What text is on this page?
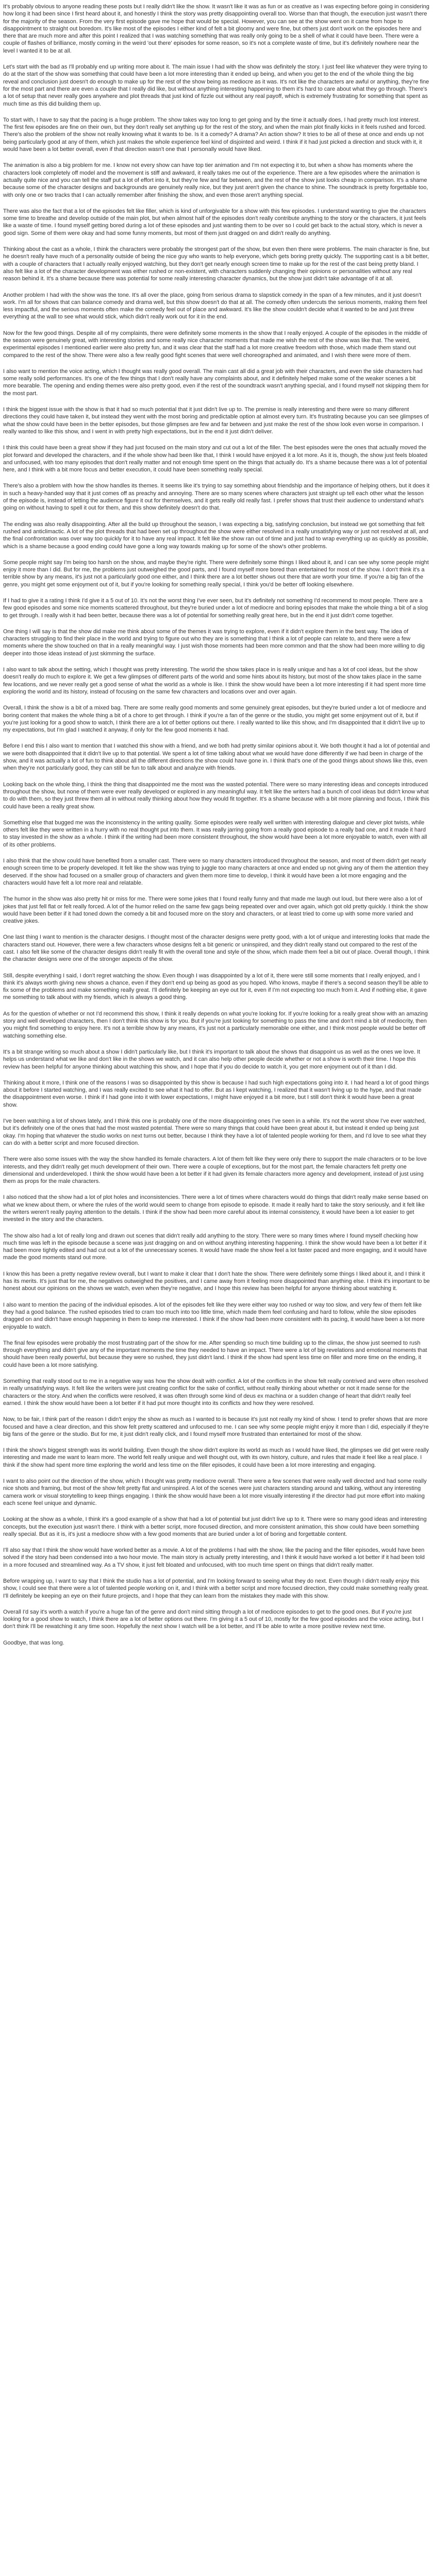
It's probably obvious to anyone reading these posts but I really didn't like the show. It wasn't like it was as fun or as creative as I was expecting before going in considering how long it had been since I first heard about it, and honestly I think the story was pretty disappointing overall too. Worse than that though, the execution just wasn't there for the majority of the season. From the very first episode gave me hope that would be special. However, you can see at the show went on it came from hope to disappointment to straight out boredom. It's like most of the episodes I either kind of felt a bit gloomy and were fine, but others just don't work on the episodes here and there that are much more and after this point I realized that I was watching something that was really only going to be a shell of what it could have been. There were a couple of flashes of brilliance, mostly coming in the weird 'out there' episodes for some reason, so it's not a complete waste of time, but it's definitely nowhere near the level I wanted it to be at all.

Let's start with the bad as I'll probably end up writing more about it. The main issue I had with the show was definitely the story. I just feel like whatever they were trying to do at the start of the show was something that could have been a lot more interesting than it ended up being, and when you get to the end of the whole thing the big reveal and conclusion just doesn't do enough to make up for the rest of the show being as mediocre as it was. It's not like the characters are awful or anything, they're fine for the most part and there are even a couple that I really did like, but without anything interesting happening to them it's hard to care about what they go through. There's a lot of setup that never really goes anywhere and plot threads that just kind of fizzle out without any real payoff, which is extremely frustrating for something that spent as much time as this did building them up.

To start with, I have to say that the pacing is a huge problem. The show takes way too long to get going and by the time it actually does, I had pretty much lost interest. The first few episodes are fine on their own, but they don't really set anything up for the rest of the story, and when the main plot finally kicks in it feels rushed and forced. There's also the problem of the show not really knowing what it wants to be. Is it a comedy? A drama? An action show? It tries to be all of these at once and ends up not being particularly good at any of them, which just makes the whole experience feel kind of disjointed and weird. I think if it had just picked a direction and stuck with it, it would have been a lot better overall, even if that direction wasn't one that I personally would have liked.

The animation is also a big problem for me. I know not every show can have top tier animation and I'm not expecting it to, but when a show has moments where the characters look completely off model and the movement is stiff and awkward, it really takes me out of the experience. There are a few episodes where the animation is actually quite nice and you can tell the staff put a lot of effort into it, but they're few and far between, and the rest of the show just looks cheap in comparison. It's a shame because some of the character designs and backgrounds are genuinely really nice, but they just aren't given the chance to shine. The soundtrack is pretty forgettable too, with only one or two tracks that I can actually remember after finishing the show, and even those aren't anything special.

There was also the fact that a lot of the episodes felt like filler, which is kind of unforgivable for a show with this few episodes. I understand wanting to give the characters some time to breathe and develop outside of the main plot, but when almost half of the episodes don't really contribute anything to the story or the characters, it just feels like a waste of time. I found myself getting bored during a lot of these episodes and just wanting them to be over so I could get back to the actual story, which is never a good sign. Some of them were okay and had some funny moments, but most of them just dragged on and didn't really do anything.

Thinking about the cast as a whole, I think the characters were probably the strongest part of the show, but even then there were problems. The main character is fine, but he doesn't really have much of a personality outside of being the nice guy who wants to help everyone, which gets boring pretty quickly. The supporting cast is a bit better, with a couple of characters that I actually really enjoyed watching, but they don't get nearly enough screen time to make up for the rest of the cast being pretty bland. I also felt like a lot of the character development was either rushed or non-existent, with characters suddenly changing their opinions or personalities without any real reason behind it. It's a shame because there was potential for some really interesting character dynamics, but the show just didn't take advantage of it at all.

Another problem I had with the show was the tone. It's all over the place, going from serious drama to slapstick comedy in the span of a few minutes, and it just doesn't work. I'm all for shows that can balance comedy and drama well, but this show doesn't do that at all. The comedy often undercuts the serious moments, making them feel less impactful, and the serious moments often make the comedy feel out of place and awkward. It's like the show couldn't decide what it wanted to be and just threw everything at the wall to see what would stick, which didn't really work out for it in the end.

Now for the few good things. Despite all of my complaints, there were definitely some moments in the show that I really enjoyed. A couple of the episodes in the middle of the season were genuinely great, with interesting stories and some really nice character moments that made me wish the rest of the show was like that. The weird, experimental episodes I mentioned earlier were also pretty fun, and it was clear that the staff had a lot more creative freedom with those, which made them stand out compared to the rest of the show. There were also a few really good fight scenes that were well choreographed and animated, and I wish there were more of them.

I also want to mention the voice acting, which I thought was really good overall. The main cast all did a great job with their characters, and even the side characters had some really solid performances. It's one of the few things that I don't really have any complaints about, and it definitely helped make some of the weaker scenes a bit more bearable. The opening and ending themes were also pretty good, even if the rest of the soundtrack wasn't anything special, and I found myself not skipping them for the most part.

I think the biggest issue with the show is that it had so much potential that it just didn't live up to. The premise is really interesting and there were so many different directions they could have taken it, but instead they went with the most boring and predictable option at almost every turn. It's frustrating because you can see glimpses of what the show could have been in the better episodes, but those glimpses are few and far between and just make the rest of the show look even worse in comparison. I really wanted to like this show, and I went in with pretty high expectations, but in the end it just didn't deliver.

I think this could have been a great show if they had just focused on the main story and cut out a lot of the filler. The best episodes were the ones that actually moved the plot forward and developed the characters, and if the whole show had been like that, I think I would have enjoyed it a lot more. As it is, though, the show just feels bloated and unfocused, with too many episodes that don't really matter and not enough time spent on the things that actually do. It's a shame because there was a lot of potential here, and I think with a bit more focus and better execution, it could have been something really special.

There's also a problem with how the show handles its themes. It seems like it's trying to say something about friendship and the importance of helping others, but it does it in such a heavy-handed way that it just comes off as preachy and annoying. There are so many scenes where characters just straight up tell each other what the lesson of the episode is, instead of letting the audience figure it out for themselves, and it gets really old really fast. I prefer shows that trust their audience to understand what's going on without having to spell it out for them, and this show definitely doesn't do that.

The ending was also really disappointing. After all the build up throughout the season, I was expecting a big, satisfying conclusion, but instead we got something that felt rushed and anticlimactic. A lot of the plot threads that had been set up throughout the show were either resolved in a really unsatisfying way or just not resolved at all, and the final confrontation was over way too quickly for it to have any real impact. It felt like the show ran out of time and just had to wrap everything up as quickly as possible, which is a shame because a good ending could have gone a long way towards making up for some of the show's other problems.

Some people might say I'm being too harsh on the show, and maybe they're right. There were definitely some things I liked about it, and I can see why some people might enjoy it more than I did. But for me, the problems just outweighed the good parts, and I found myself more bored than entertained for most of the show. I don't think it's a terrible show by any means, it's just not a particularly good one either, and I think there are a lot better shows out there that are worth your time. If you're a big fan of the genre, you might get some enjoyment out of it, but if you're looking for something really special, I think you'd be better off looking elsewhere.

If I had to give it a rating I think I'd give it a 5 out of 10. It's not the worst thing I've ever seen, but it's definitely not something I'd recommend to most people. There are a few good episodes and some nice moments scattered throughout, but they're buried under a lot of mediocre and boring episodes that make the whole thing a bit of a slog to get through. I really wish it had been better, because there was a lot of potential for something really great here, but in the end it just didn't come together.

One thing I will say is that the show did make me think about some of the themes it was trying to explore, even if it didn't explore them in the best way. The idea of characters struggling to find their place in the world and trying to figure out who they are is something that I think a lot of people can relate to, and there were a few moments where the show touched on that in a really meaningful way. I just wish those moments had been more common and that the show had been more willing to dig deeper into those ideas instead of just skimming the surface.

I also want to talk about the setting, which I thought was pretty interesting. The world the show takes place in is really unique and has a lot of cool ideas, but the show doesn't really do much to explore it. We get a few glimpses of different parts of the world and some hints about its history, but most of the show takes place in the same few locations, and we never really get a good sense of what the world as a whole is like. I think the show would have been a lot more interesting if it had spent more time exploring the world and its history, instead of focusing on the same few characters and locations over and over again.

Overall, I think the show is a bit of a mixed bag. There are some really good moments and some genuinely great episodes, but they're buried under a lot of mediocre and boring content that makes the whole thing a bit of a chore to get through. I think if you're a fan of the genre or the studio, you might get some enjoyment out of it, but if you're just looking for a good show to watch, I think there are a lot of better options out there. I really wanted to like this show, and I'm disappointed that it didn't live up to my expectations, but I'm glad I watched it anyway, if only for the few good moments it had.

Before I end this I also want to mention that I watched this show with a friend, and we both had pretty similar opinions about it. We both thought it had a lot of potential and we were both disappointed that it didn't live up to that potential. We spent a lot of time talking about what we would have done differently if we had been in charge of the show, and it was actually a lot of fun to think about all the different directions the show could have gone in. I think that's one of the good things about shows like this, even when they're not particularly good, they can still be fun to talk about and analyze with friends.

Looking back on the whole thing, I think the thing that disappointed me the most was the wasted potential. There were so many interesting ideas and concepts introduced throughout the show, but none of them were ever really developed or explored in any meaningful way. It felt like the writers had a bunch of cool ideas but didn't know what to do with them, so they just threw them all in without really thinking about how they would fit together. It's a shame because with a bit more planning and focus, I think this could have been a really great show.

Something else that bugged me was the inconsistency in the writing quality. Some episodes were really well written with interesting dialogue and clever plot twists, while others felt like they were written in a hurry with no real thought put into them. It was really jarring going from a really good episode to a really bad one, and it made it hard to stay invested in the show as a whole. I think if the writing had been more consistent throughout, the show would have been a lot more enjoyable to watch, even with all of its other problems.

I also think that the show could have benefited from a smaller cast. There were so many characters introduced throughout the season, and most of them didn't get nearly enough screen time to be properly developed. It felt like the show was trying to juggle too many characters at once and ended up not giving any of them the attention they deserved. If the show had focused on a smaller group of characters and given them more time to develop, I think it would have been a lot more engaging and the characters would have felt a lot more real and relatable.

The humor in the show was also pretty hit or miss for me. There were some jokes that I found really funny and that made me laugh out loud, but there were also a lot of jokes that just fell flat or felt really forced. A lot of the humor relied on the same few gags being repeated over and over again, which got old pretty quickly. I think the show would have been better if it had toned down the comedy a bit and focused more on the story and characters, or at least tried to come up with some more varied and creative jokes.

One last thing I want to mention is the character designs. I thought most of the character designs were pretty good, with a lot of unique and interesting looks that made the characters stand out. However, there were a few characters whose designs felt a bit generic or uninspired, and they didn't really stand out compared to the rest of the cast. I also felt like some of the character designs didn't really fit with the overall tone and style of the show, which made them feel a bit out of place. Overall though, I think the character designs were one of the stronger aspects of the show.

Still, despite everything I said, I don't regret watching the show. Even though I was disappointed by a lot of it, there were still some moments that I really enjoyed, and I think it's always worth giving new shows a chance, even if they don't end up being as good as you hoped. Who knows, maybe if there's a second season they'll be able to fix some of the problems and make something really great. I'll definitely be keeping an eye out for it, even if I'm not expecting too much from it. And if nothing else, it gave me something to talk about with my friends, which is always a good thing.

As for the question of whether or not I'd recommend this show, I think it really depends on what you're looking for. If you're looking for a really great show with an amazing story and well developed characters, then I don't think this show is for you. But if you're just looking for something to pass the time and don't mind a bit of mediocrity, then you might find something to enjoy here. It's not a terrible show by any means, it's just not a particularly memorable one either, and I think most people would be better off watching something else.

It's a bit strange writing so much about a show I didn't particularly like, but I think it's important to talk about the shows that disappoint us as well as the ones we love. It helps us understand what we like and don't like in the shows we watch, and it can also help other people decide whether or not a show is worth their time. I hope this review has been helpful for anyone thinking about watching this show, and I hope that if you do decide to watch it, you get more enjoyment out of it than I did.

Thinking about it more, I think one of the reasons I was so disappointed by this show is because I had such high expectations going into it. I had heard a lot of good things about it before I started watching, and I was really excited to see what it had to offer. But as I kept watching, I realized that it wasn't living up to the hype, and that made the disappointment even worse. I think if I had gone into it with lower expectations, I might have enjoyed it a bit more, but I still don't think it would have been a great show.

I've been watching a lot of shows lately, and I think this one is probably one of the more disappointing ones I've seen in a while. It's not the worst show I've ever watched, but it's definitely one of the ones that had the most wasted potential. There were so many things that could have been great about it, but instead it ended up being just okay. I'm hoping that whatever the studio works on next turns out better, because I think they have a lot of talented people working for them, and I'd love to see what they can do with a better script and more focused direction.

There were also some issues with the way the show handled its female characters. A lot of them felt like they were only there to support the male characters or to be love interests, and they didn't really get much development of their own. There were a couple of exceptions, but for the most part, the female characters felt pretty one dimensional and underdeveloped. I think the show would have been a lot better if it had given its female characters more agency and development, instead of just using them as props for the male characters.

I also noticed that the show had a lot of plot holes and inconsistencies. There were a lot of times where characters would do things that didn't really make sense based on what we knew about them, or where the rules of the world would seem to change from episode to episode. It made it really hard to take the story seriously, and it felt like the writers weren't really paying attention to the details. I think if the show had been more careful about its internal consistency, it would have been a lot easier to get invested in the story and the characters.

The show also had a lot of really long and drawn out scenes that didn't really add anything to the story. There were so many times where I found myself checking how much time was left in the episode because a scene was just dragging on and on without anything interesting happening. I think the show would have been a lot better if it had been more tightly edited and had cut out a lot of the unnecessary scenes. It would have made the show feel a lot faster paced and more engaging, and it would have made the good moments stand out more.

I know this has been a pretty negative review overall, but I want to make it clear that I don't hate the show. There were definitely some things I liked about it, and I think it has its merits. It's just that for me, the negatives outweighed the positives, and I came away from it feeling more disappointed than anything else. I think it's important to be honest about our opinions on the shows we watch, even when they're negative, and I hope this review has been helpful for anyone thinking about watching it.

I also want to mention the pacing of the individual episodes. A lot of the episodes felt like they were either way too rushed or way too slow, and very few of them felt like they had a good balance. The rushed episodes tried to cram too much into too little time, which made them feel confusing and hard to follow, while the slow episodes dragged on and didn't have enough happening in them to keep me interested. I think if the show had been more consistent with its pacing, it would have been a lot more enjoyable to watch.

The final few episodes were probably the most frustrating part of the show for me. After spending so much time building up to the climax, the show just seemed to rush through everything and didn't give any of the important moments the time they needed to have an impact. There were a lot of big revelations and emotional moments that should have been really powerful, but because they were so rushed, they just didn't land. I think if the show had spent less time on filler and more time on the ending, it could have been a lot more satisfying.

Something that really stood out to me in a negative way was how the show dealt with conflict. A lot of the conflicts in the show felt really contrived and were often resolved in really unsatisfying ways. It felt like the writers were just creating conflict for the sake of conflict, without really thinking about whether or not it made sense for the characters or the story. And when the conflicts were resolved, it was often through some kind of deus ex machina or a sudden change of heart that didn't really feel earned. I think the show would have been a lot better if it had put more thought into its conflicts and how they were resolved.

Now, to be fair, I think part of the reason I didn't enjoy the show as much as I wanted to is because it's just not really my kind of show. I tend to prefer shows that are more focused and have a clear direction, and this show felt pretty scattered and unfocused to me. I can see why some people might enjoy it more than I did, especially if they're big fans of the genre or the studio. But for me, it just didn't really click, and I found myself more frustrated than entertained for most of the show.

I think the show's biggest strength was its world building. Even though the show didn't explore its world as much as I would have liked, the glimpses we did get were really interesting and made me want to learn more. The world felt really unique and well thought out, with its own history, culture, and rules that made it feel like a real place. I think if the show had spent more time exploring the world and less time on the filler episodes, it could have been a lot more interesting and engaging.

I want to also point out the direction of the show, which I thought was pretty mediocre overall. There were a few scenes that were really well directed and had some really nice shots and framing, but most of the show felt pretty flat and uninspired. A lot of the scenes were just characters standing around and talking, without any interesting camera work or visual storytelling to keep things engaging. I think the show would have been a lot more visually interesting if the director had put more effort into making each scene feel unique and dynamic.

Looking at the show as a whole, I think it's a good example of a show that had a lot of potential but just didn't live up to it. There were so many good ideas and interesting concepts, but the execution just wasn't there. I think with a better script, more focused direction, and more consistent animation, this show could have been something really special. But as it is, it's just a mediocre show with a few good moments that are buried under a lot of boring and forgettable content.

I'll also say that I think the show would have worked better as a movie. A lot of the problems I had with the show, like the pacing and the filler episodes, would have been solved if the story had been condensed into a two hour movie. The main story is actually pretty interesting, and I think it would have worked a lot better if it had been told in a more focused and streamlined way. As a TV show, it just felt bloated and unfocused, with too much time spent on things that didn't really matter.

Before wrapping up, I want to say that I think the studio has a lot of potential, and I'm looking forward to seeing what they do next. Even though I didn't really enjoy this show, I could see that there were a lot of talented people working on it, and I think with a better script and more focused direction, they could make something really great. I'll definitely be keeping an eye on their future projects, and I hope that they can learn from the mistakes they made with this show.

Overall I'd say it's worth a watch if you're a huge fan of the genre and don't mind sitting through a lot of mediocre episodes to get to the good ones. But if you're just looking for a good show to watch, I think there are a lot of better options out there. I'm giving it a 5 out of 10, mostly for the few good episodes and the voice acting, but I don't think I'll be rewatching it any time soon. Hopefully the next show I watch will be a lot better, and I'll be able to write a more positive review next time.

Goodbye, that was long.
